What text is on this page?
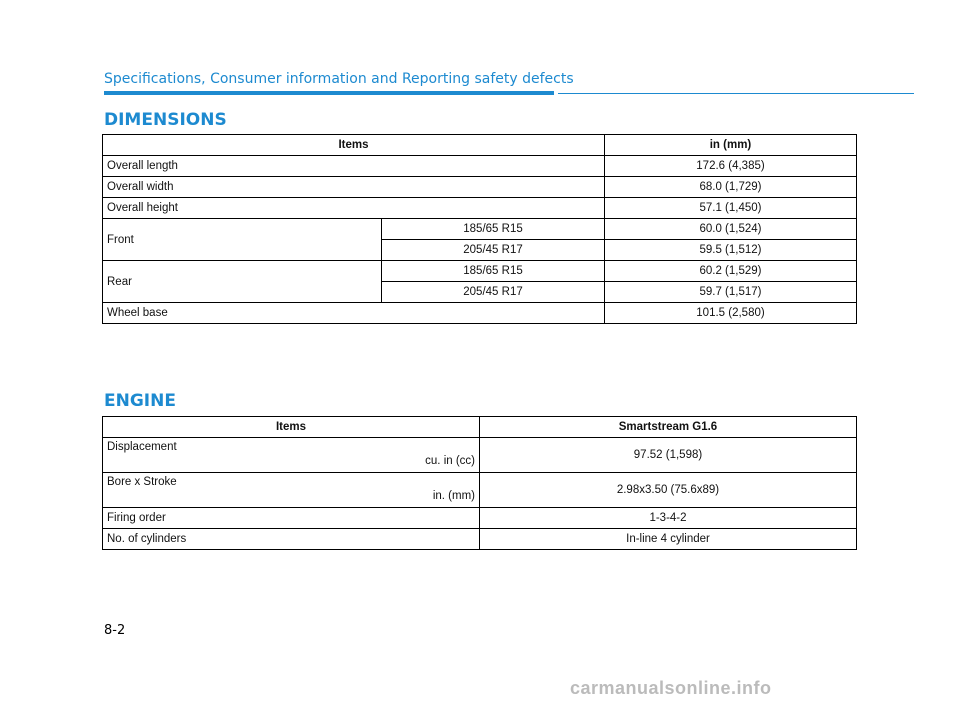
Specifications, Consumer information and Reporting safety defects
DIMENSIONS
Items		in (mm)
Overall length		172.6 (4,385)
Overall width		68.0 (1,729)
Overall height		57.1 (1,450)
Front	185/65 R15	60.0 (1,524)
	205/45 R17	59.5 (1,512)
Rear	185/65 R15	60.2 (1,529)
	205/45 R17	59.7 (1,517)
Wheel base		101.5 (2,580)
ENGINE
Items	Smartstream G1.6
Displacement
cu. in (cc)	97.52 (1,598)
Bore x Stroke
in. (mm)	2.98x3.50 (75.6x89)
Firing order	1-3-4-2
No. of cylinders	In-line 4 cylinder
8-2
carmanualsonline.info
